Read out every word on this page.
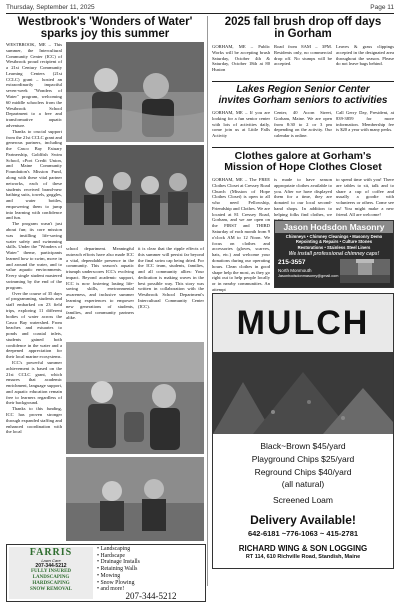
Thursday, September 11, 2025	Page 11
Westbrook's 'Wonders of Water'
sparks joy this summer

WESTBROOK, ME – This summer, the Intercultural Community Center (ICC) of Westbrook proud recipient of a 21st Century Community Learning Centers (21st CCLC) grant – hosted an extraordinarily impactful seven-week "Wonders of Water" program, welcoming 60 middle schoolers from the Westbrook School Department to a free and transformative aquatic adventure.

Thanks to crucial support from the 21st CCLC grant and generous partners, including the Casco Bay Estuary Partnership, Goldfish Swim School, cPort Credit Union, and Maine Community Foundation's Mission Fund, along with these vital partner networks, each of these students received brand-new bathing suits, towels, goggles, and water bottles, empowering them to jump into learning with confidence and fun.

The program wasn't just about fun; its core mission was instilling life-saving water safety and swimming skills. Under the "Wonders of Water" theme, participants learned how to swim, move in and around the water, and to value aquatic environments. Every single student mastered swimming by the end of the program.

Over the course of 35 days of programming, students and staff embarked on 23 field trips, exploring 11 different bodies of water across the Casco Bay watershed. From beaches and estuaries to ponds and coastal inlets, students gained both confidence in the water and a deepened appreciation for their local marine ecosystems.

ICC's powerful summer achievement is based on the 21st CCLC grant, which ensures that academic enrichment, language support, and aquatic education remain free to learners regardless of their background.

Thanks to this funding, ICC has proven stronger through expanded staffing and enhanced coordination with the local

school department. Meaningful outreach efforts have also made ICC a vital, dependable presence in the community. This season's aquatic triumph underscores ICC's evolving impact. Beyond academic support, ICC is now fostering lasting life-saving skills, environmental awareness, and inclusive summer learning experiences to empower new generations of students, families, and community partners alike.
it is clear that the ripple effects of this summer will persist far beyond the final swim cap being dried. For the ICC team, students, families, and all community allies: Your dedication is making waves in the best possible way. This story was written in collaboration with the Westbrook School Department's Intercultural Community Center (ICC).
2025 fall brush drop off days
in Gorham
GORHAM, ME – Public Works will be accepting brush Saturday, October 4th & Saturday, October 18th at 80 Huston
Road from 8AM – 3PM. Residents only, no commercial drop off. No stumps will be accepted.
Leaves & grass clippings accepted in the designated area throughout the season. Please do not leave bags behind.
Lakes Region Senior Center
invites Gorham seniors to activities
GORHAM, ME – If you are looking for a fun senior center with lots of activities daily, come join us at Little Falls Activity
Center, 40 Acorn Street, Gorham, Maine. We are open from 8:30 to 2 or 3 pm depending on the activity. Our calendar is online.
Call Gerry Day, President, at 839-3859 for more information. Membership fee is $20 a year with many perks.
Clothes galore at Gorham's
Mission of Hope Clothes Closet
GORHAM, ME – The FREE Clothes Closet at Cressey Road Church (Mission of Hope Clothes Closet) is open to all who need Fellowship, Friendship and Clothes. We are located at 81 Cressey Road, Gorham, and we are open on the FIRST and THIRD Saturday of each month from 9 o'clock AM to 12 Noon. We focus on clothes and accessories (gloves, scarves, hats, etc.) and welcome your donations during our operating hours. Clean clothes in good shape help the most, as they go right out to help people locally or in nearby communities. An attempt
is made to have season appropriate clothes available to you. After we have displayed them for a time, they are donated to our local second-hand shops. In addition to helping folks find clothes, we
to spend time with you! There are tables to sit, talk and to share a cup of coffee and usually a goodie with volunteers or others. Come see us! You might make a new friend. All are welcome!
Jason Hodsdon Masonry
Chimneys • Chimney Cleanings • Masonry Demo
Repointing & Repairs • Culture Stones
Restorations • Stainless Steel Liners
We install professional chimney caps!
215-3557
North Monmouth
Jasonhodsdonmasonry@gmail.com
MULCH
Black~Brown $45/yard
Playground Chips $25/yard
Reground Chips $40/yard
(all natural)
Screened Loam
Delivery Available!
642-6181 ~776-1063 ~ 415-2781
RICHARD WING & SON LOGGING
RT 114, 610 Richville Road, Standish, Maine
FARRIS
Lawn Care
207-344-5212
FULLY INSURED
LANDSCAPING
HARDSCAPING
SNOW REMOVAL
• Landscaping
• Hardscape
• Drainage Installs
• Retaining Walls
• Mowing
• Snow Plowing
• and more!
207-344-5212
